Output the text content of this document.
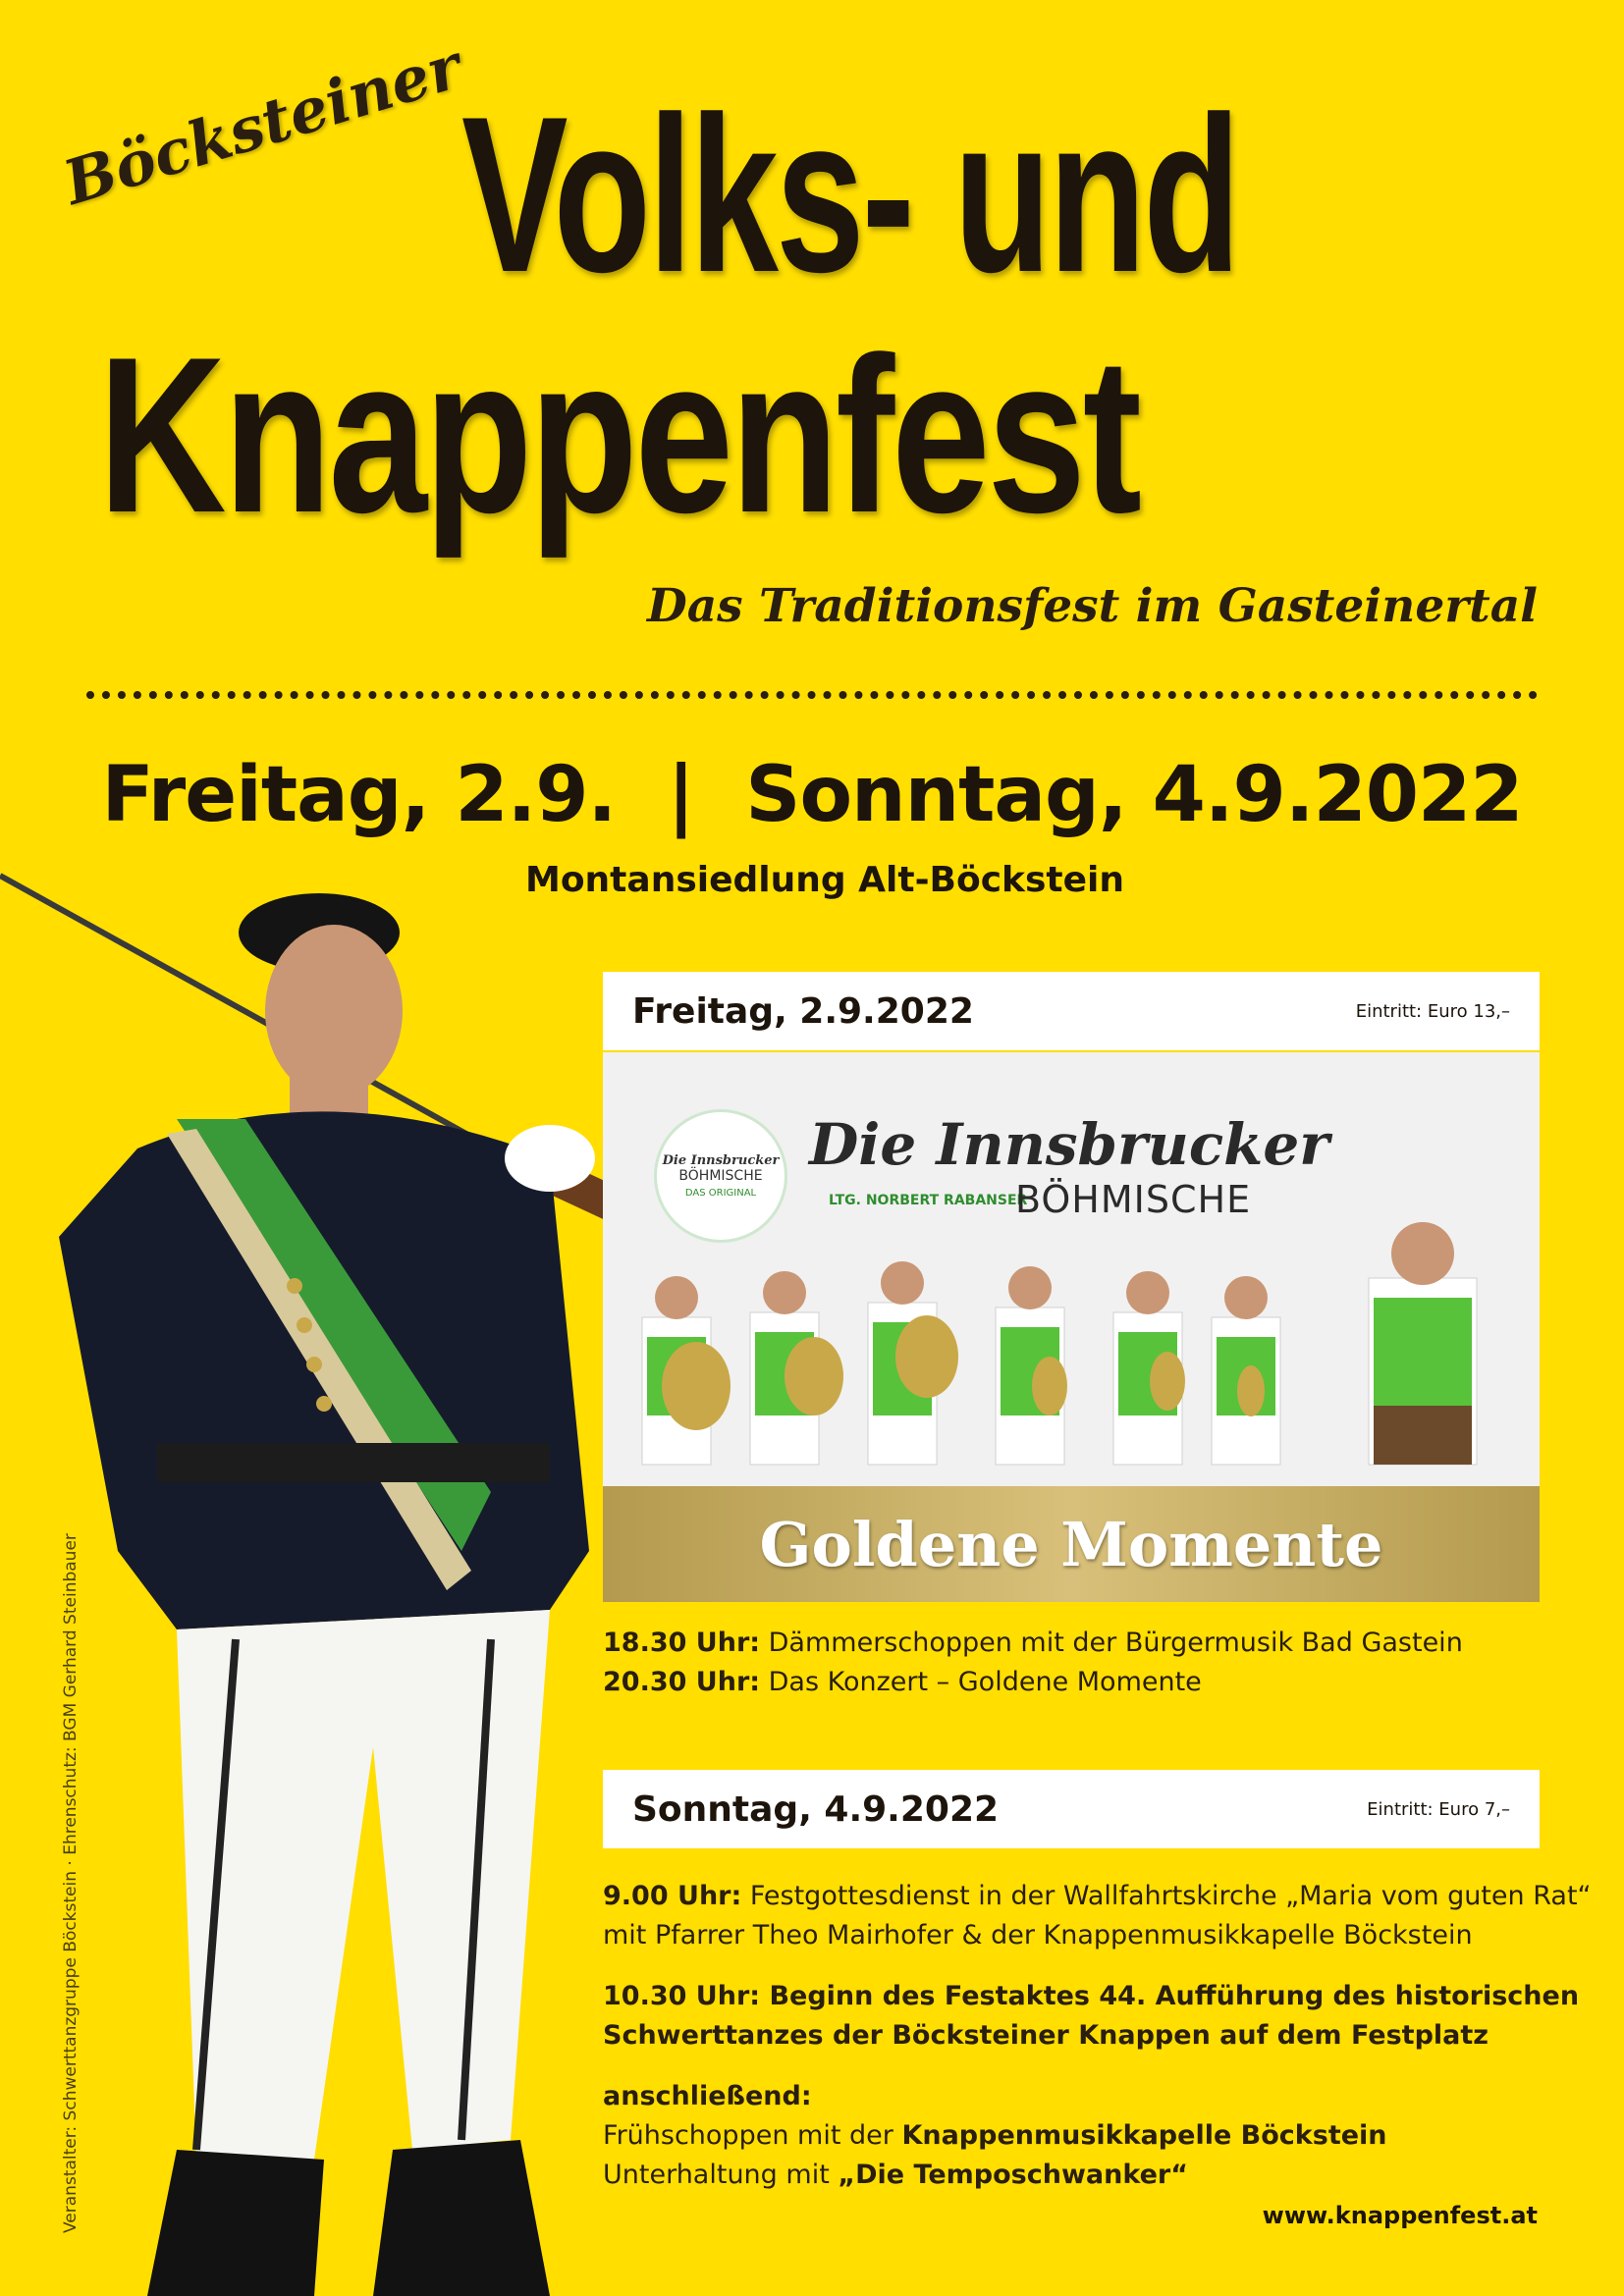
Böcksteiner
Volks- und
Knappenfest
Das Traditionsfest im Gasteinertal
Freitag, 2.9.  |  Sonntag, 4.9.2022
Montansiedlung Alt-Böckstein
Veranstalter: Schwerttanzgruppe Böckstein · Ehrenschutz: BGM Gerhard Steinbauer
Freitag, 2.9.2022	Eintritt: Euro 13,–
Die Innsbrucker
BÖHMISCHE
DAS ORIGINAL
Die Innsbrucker
LTG. NORBERT RABANSER
BÖHMISCHE
Goldene Momente
18.30 Uhr: Dämmerschoppen mit der Bürgermusik Bad Gastein
20.30 Uhr: Das Konzert – Goldene Momente
Sonntag, 4.9.2022	Eintritt: Euro 7,–
9.00 Uhr: Festgottesdienst in der Wallfahrtskirche „Maria vom guten Rat“
mit Pfarrer Theo Mairhofer & der Knappenmusikkapelle Böckstein
10.30 Uhr: Beginn des Festaktes 44. Aufführung des historischen
Schwerttanzes der Böcksteiner Knappen auf dem Festplatz
anschließend:
Frühschoppen mit der Knappenmusikkapelle Böckstein
Unterhaltung mit „Die Temposchwanker“
www.knappenfest.at
